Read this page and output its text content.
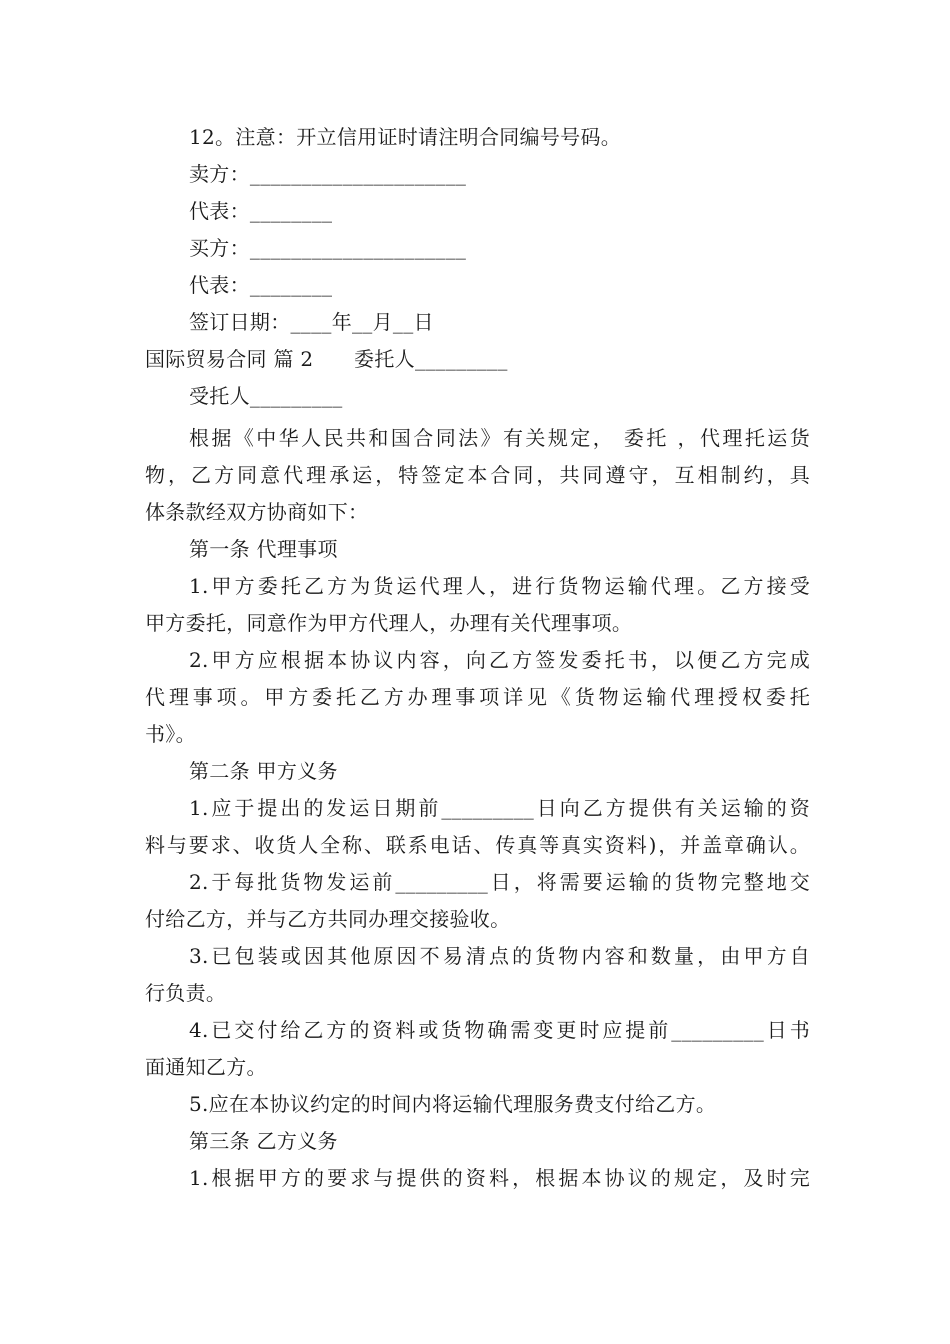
12。注意：开立信用证时请注明合同编号号码。
卖方：_____________________
代表：________
买方：_____________________
代表：________
签订日期：____年__月__日
国际贸易合同 篇 2　　委托人_________
受托人_________
根据《中华人民共和国合同法》有关规定， 委托 ，代理托运货
物，乙方同意代理承运，特签定本合同，共同遵守，互相制约，具
体条款经双方协商如下：
第一条 代理事项
1.甲方委托乙方为货运代理人，进行货物运输代理。乙方接受
甲方委托，同意作为甲方代理人，办理有关代理事项。
2.甲方应根据本协议内容，向乙方签发委托书，以便乙方完成
代理事项。甲方委托乙方办理事项详见《货物运输代理授权委托
书》。
第二条 甲方义务
1.应于提出的发运日期前_________日向乙方提供有关运输的资
料与要求、收货人全称、联系电话、传真等真实资料)，并盖章确认。
2.于每批货物发运前_________日，将需要运输的货物完整地交
付给乙方，并与乙方共同办理交接验收。
3.已包装或因其他原因不易清点的货物内容和数量，由甲方自
行负责。
4.已交付给乙方的资料或货物确需变更时应提前_________日书
面通知乙方。
5.应在本协议约定的时间内将运输代理服务费支付给乙方。
第三条 乙方义务
1.根据甲方的要求与提供的资料，根据本协议的规定，及时完
